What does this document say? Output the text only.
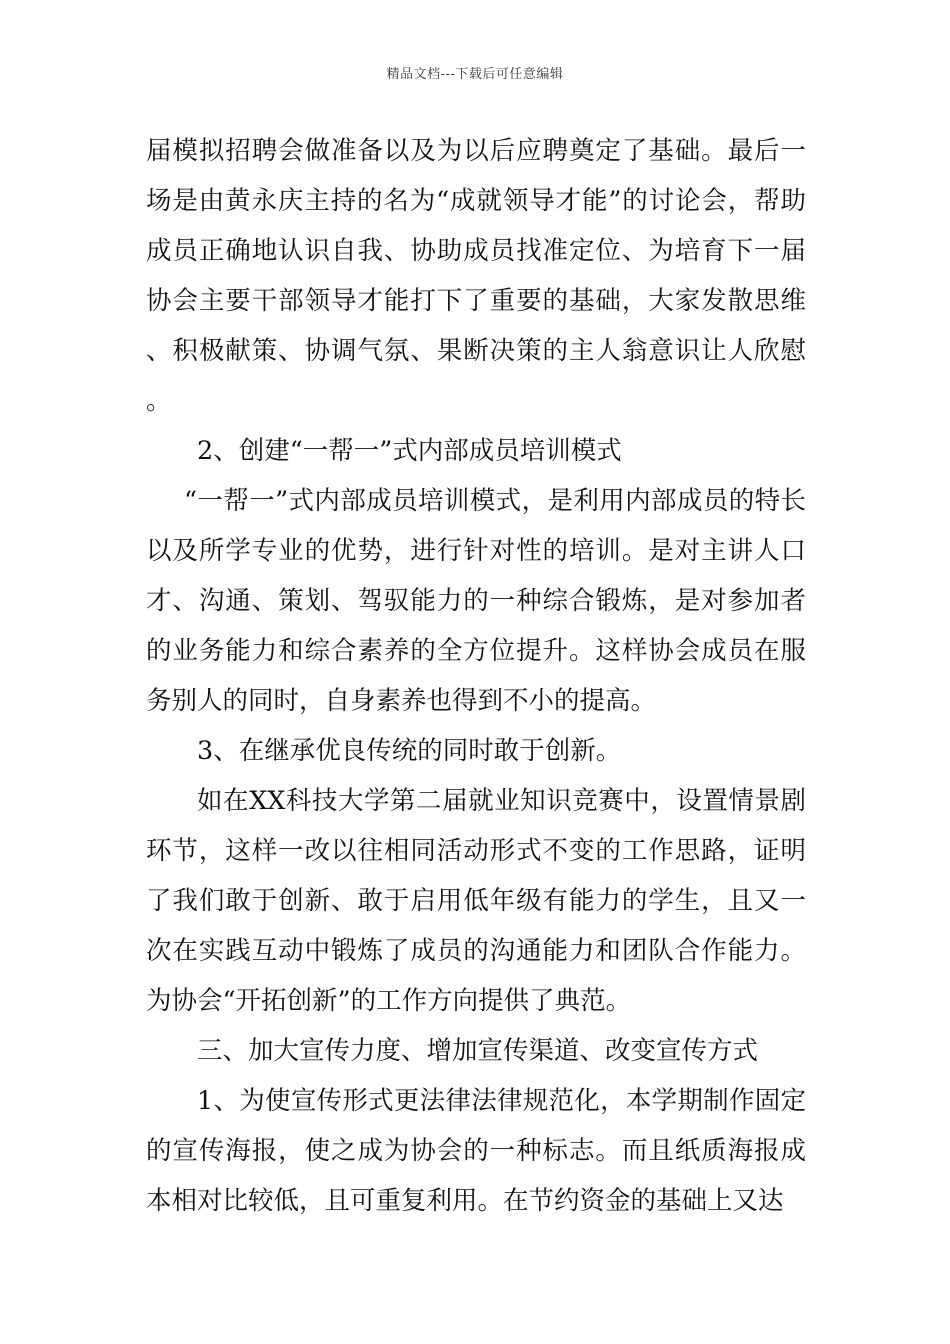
精品文档---下载后可任意编辑

届模拟招聘会做准备以及为以后应聘奠定了基础。最后一场是由黄永庆主持的名为“成就领导才能”的讨论会，帮助成员正确地认识自我、协助成员找准定位、为培育下一届协会主要干部领导才能打下了重要的基础，大家发散思维、积极献策、协调气氛、果断决策的主人翁意识让人欣慰。

2、创建“一帮一”式内部成员培训模式

“一帮一”式内部成员培训模式，是利用内部成员的特长以及所学专业的优势，进行针对性的培训。是对主讲人口才、沟通、策划、驾驭能力的一种综合锻炼，是对参加者的业务能力和综合素养的全方位提升。这样协会成员在服务别人的同时，自身素养也得到不小的提高。

3、在继承优良传统的同时敢于创新。

如在XX科技大学第二届就业知识竞赛中，设置情景剧环节，这样一改以往相同活动形式不变的工作思路，证明了我们敢于创新、敢于启用低年级有能力的学生，且又一次在实践互动中锻炼了成员的沟通能力和团队合作能力。为协会“开拓创新”的工作方向提供了典范。

三、加大宣传力度、增加宣传渠道、改变宣传方式

1、为使宣传形式更法律法律规范化，本学期制作固定的宣传海报，使之成为协会的一种标志。而且纸质海报成本相对比较低，且可重复利用。在节约资金的基础上又达
